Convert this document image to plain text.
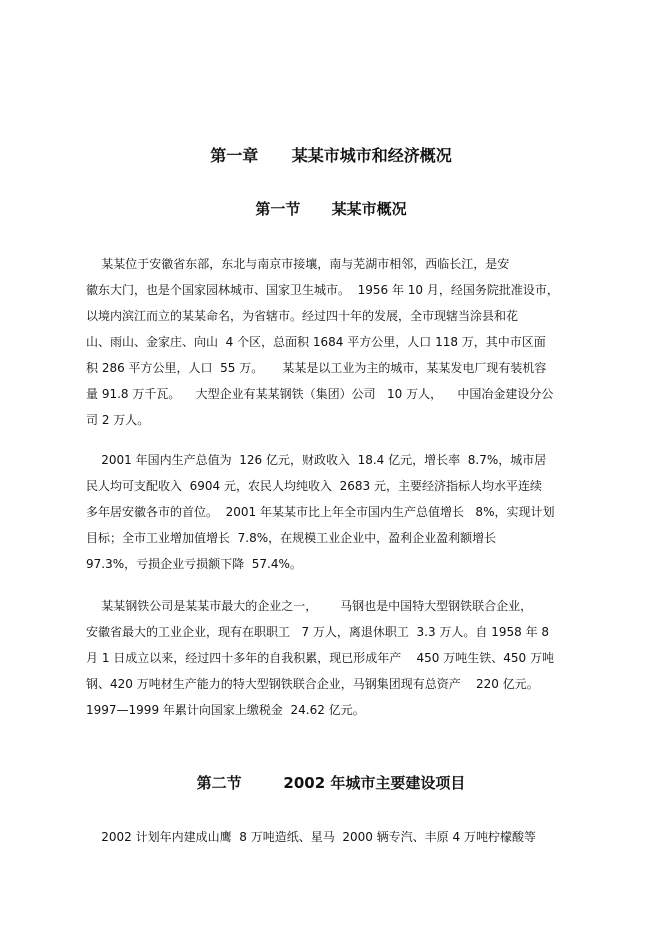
第一章      某某市城市和经济概况
第一节      某某市概况
某某位于安徽省东部，东北与南京市接壤，南与芜湖市相邻，西临长江，是安
徽东大门，也是个国家园林城市、国家卫生城市。  1956 年 10 月，经国务院批准设市，
以境内滨江而立的某某命名，为省辖市。经过四十年的发展，全市现辖当涂县和花
山、雨山、金家庄、向山  4 个区，总面积 1684 平方公里，人口 118 万，其中市区面
积 286 平方公里，人口  55 万。     某某是以工业为主的城市，某某发电厂现有装机容
量 91.8 万千瓦。    大型企业有某某钢铁（集团）公司   10 万人，    中国冶金建设分公
司 2 万人。
2001 年国内生产总值为  126 亿元，财政收入  18.4 亿元，增长率  8.7%，城市居
民人均可支配收入  6904 元，农民人均纯收入  2683 元，主要经济指标人均水平连续
多年居安徽各市的首位。  2001 年某某市比上年全市国内生产总值增长   8%，实现计划
目标；全市工业增加值增长  7.8%，在规模工业企业中，盈利企业盈利额增长
97.3%，亏损企业亏损额下降  57.4%。
某某钢铁公司是某某市最大的企业之一，      马钢也是中国特大型钢铁联合企业，
安徽省最大的工业企业，现有在职职工   7 万人，离退休职工  3.3 万人。自 1958 年 8
月 1 日成立以来，经过四十多年的自我积累，现已形成年产    450 万吨生铁、450 万吨
钢、420 万吨材生产能力的特大型钢铁联合企业，马钢集团现有总资产    220 亿元。
1997—1999 年累计向国家上缴税金  24.62 亿元。
第二节        2002 年城市主要建设项目
2002 计划年内建成山鹰  8 万吨造纸、星马  2000 辆专汽、丰原 4 万吨柠檬酸等
